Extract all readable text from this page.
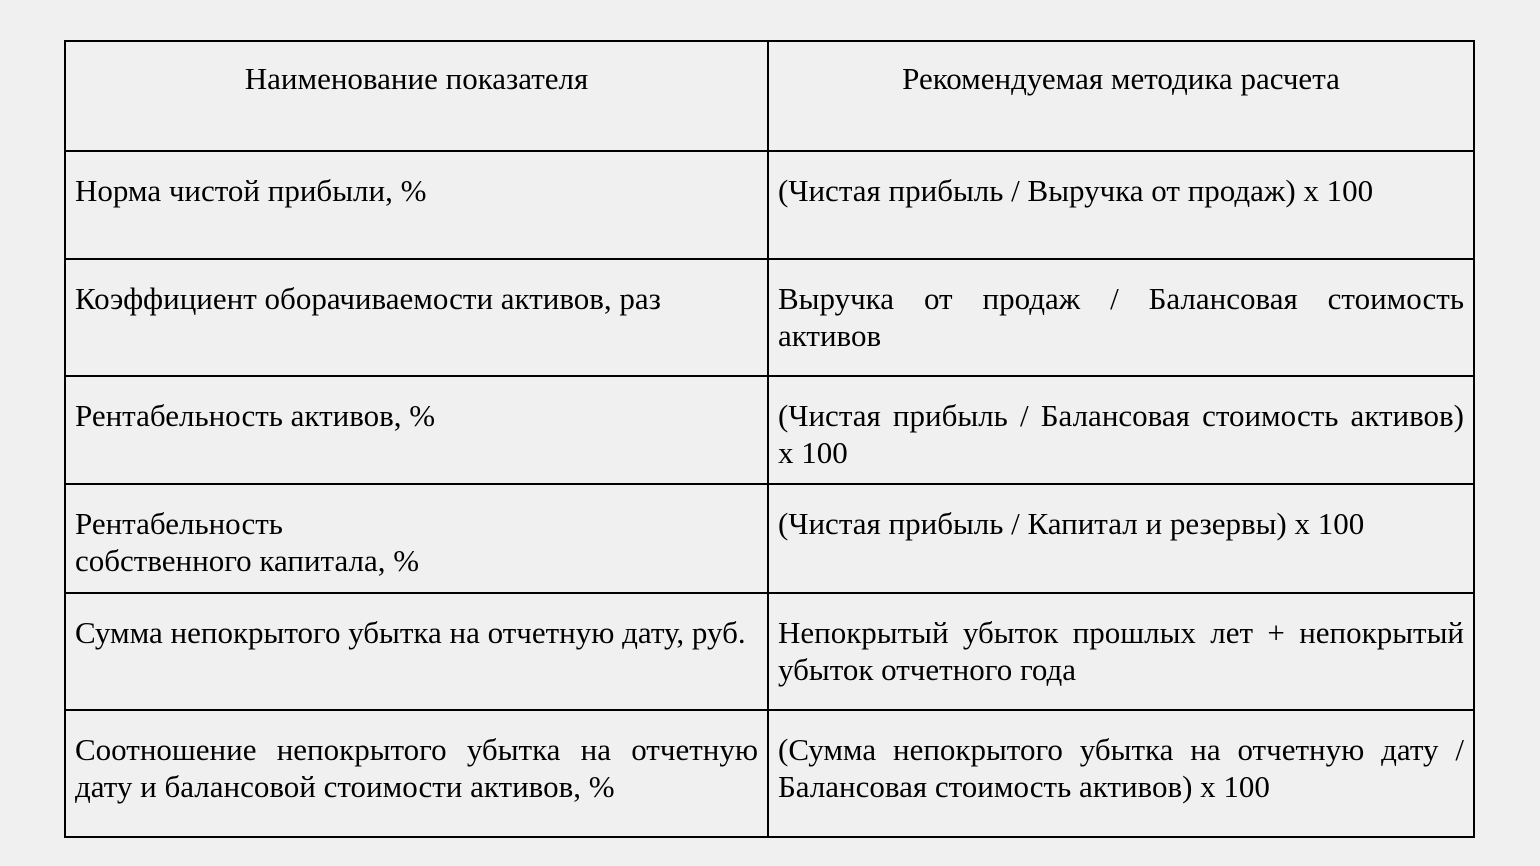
Наименование показателя	Рекомендуемая методика расчета
Норма чистой прибыли, %	(Чистая прибыль / Выручка от продаж) х 100
Коэффициент оборачиваемости активов, раз	Выручка от продаж / Балансовая стоимость активов
Рентабельность активов, %	(Чистая прибыль / Балансовая стоимость активов) х 100

Рентабельность
собственного капитала, %	(Чистая прибыль / Капитал и резервы) х 100
Сумма непокрытого убытка на отчетную дату, руб.	Непокрытый убыток прошлых лет + непокрытый убыток отчетного года
Соотношение непокрытого убытка на отчетную дату и балансовой стоимости активов, %	(Сумма непокрытого убытка на отчетную дату / Балансовая стоимость активов) х 100
